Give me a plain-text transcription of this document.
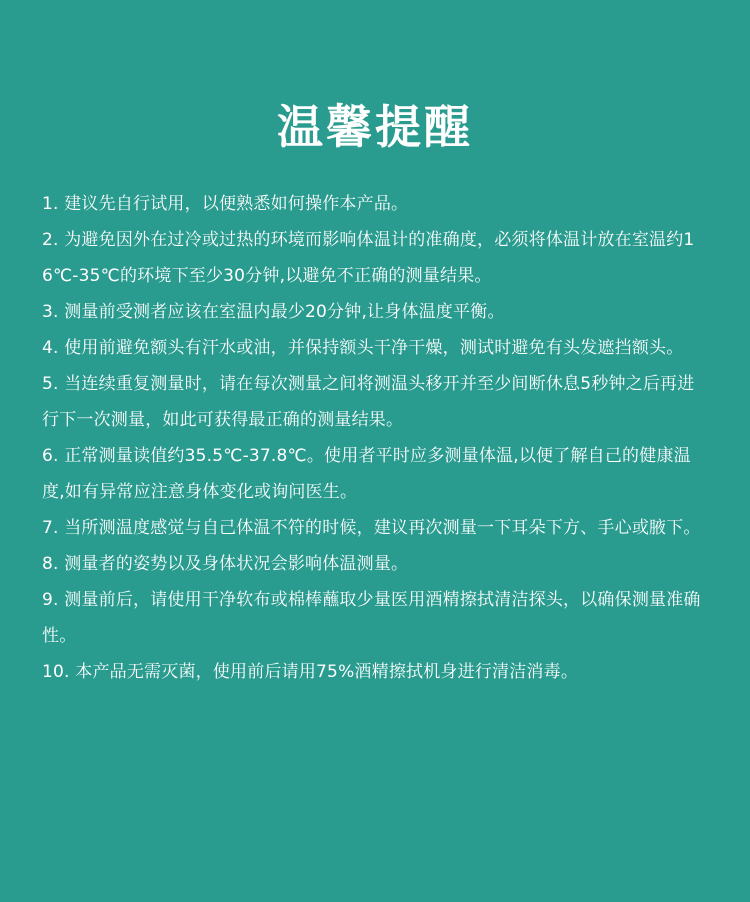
温馨提醒
1. 建议先自行试用，以便熟悉如何操作本产品。
2. 为避免因外在过冷或过热的环境而影响体温计的准确度，必须将体温计放在室温约16℃-35℃的环境下至少30分钟,以避免不正确的测量结果。
3. 测量前受测者应该在室温内最少20分钟,让身体温度平衡。
4. 使用前避免额头有汗水或油，并保持额头干净干燥，测试时避免有头发遮挡额头。
5. 当连续重复测量时，请在每次测量之间将测温头移开并至少间断休息5秒钟之后再进行下一次测量，如此可获得最正确的测量结果。
6. 正常测量读值约35.5℃-37.8℃。使用者平时应多测量体温,以便了解自己的健康温度,如有异常应注意身体变化或询问医生。
7. 当所测温度感觉与自己体温不符的时候，建议再次测量一下耳朵下方、手心或腋下。
8. 测量者的姿势以及身体状况会影响体温测量。
9. 测量前后，请使用干净软布或棉棒蘸取少量医用酒精擦拭清洁探头，以确保测量准确性。
10. 本产品无需灭菌，使用前后请用75%酒精擦拭机身进行清洁消毒。
